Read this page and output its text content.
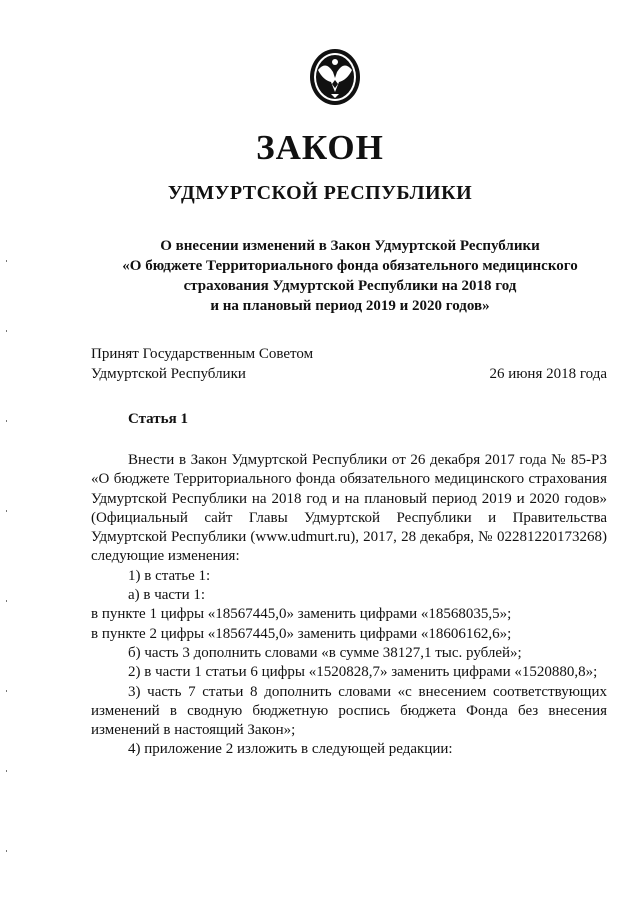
ЗАКОН
УДМУРТСКОЙ РЕСПУБЛИКИ
О внесении изменений в Закон Удмуртской Республики
«О бюджете Территориального фонда обязательного медицинского
страхования Удмуртской Республики на 2018 год
и на плановый период 2019 и 2020 годов»
Принят Государственным Советом
Удмуртской Республики	26 июня 2018 года
Статья 1

Внести в Закон Удмуртской Республики от 26 декабря 2017 года № 85-РЗ «О бюджете Территориального фонда обязательного медицинского страхования Удмуртской Республики на 2018 год и на плановый период 2019 и 2020 годов» (Официальный сайт Главы Удмуртской Республики и Правительства Удмуртской Республики (www.udmurt.ru), 2017, 28 декабря, № 02281220173268) следующие изменения:

1) в статье 1:

а) в части 1:

в пункте 1 цифры «18567445,0» заменить цифрами «18568035,5»;

в пункте 2 цифры «18567445,0» заменить цифрами «18606162,6»;

б) часть 3 дополнить словами «в сумме 38127,1 тыс. рублей»;

2) в части 1 статьи 6 цифры «1520828,7» заменить цифрами «1520880,8»;

3) часть 7 статьи 8 дополнить словами «с внесением соответствующих изменений в сводную бюджетную роспись бюджета Фонда без внесения изменений в настоящий Закон»;

4) приложение 2 изложить в следующей редакции:
